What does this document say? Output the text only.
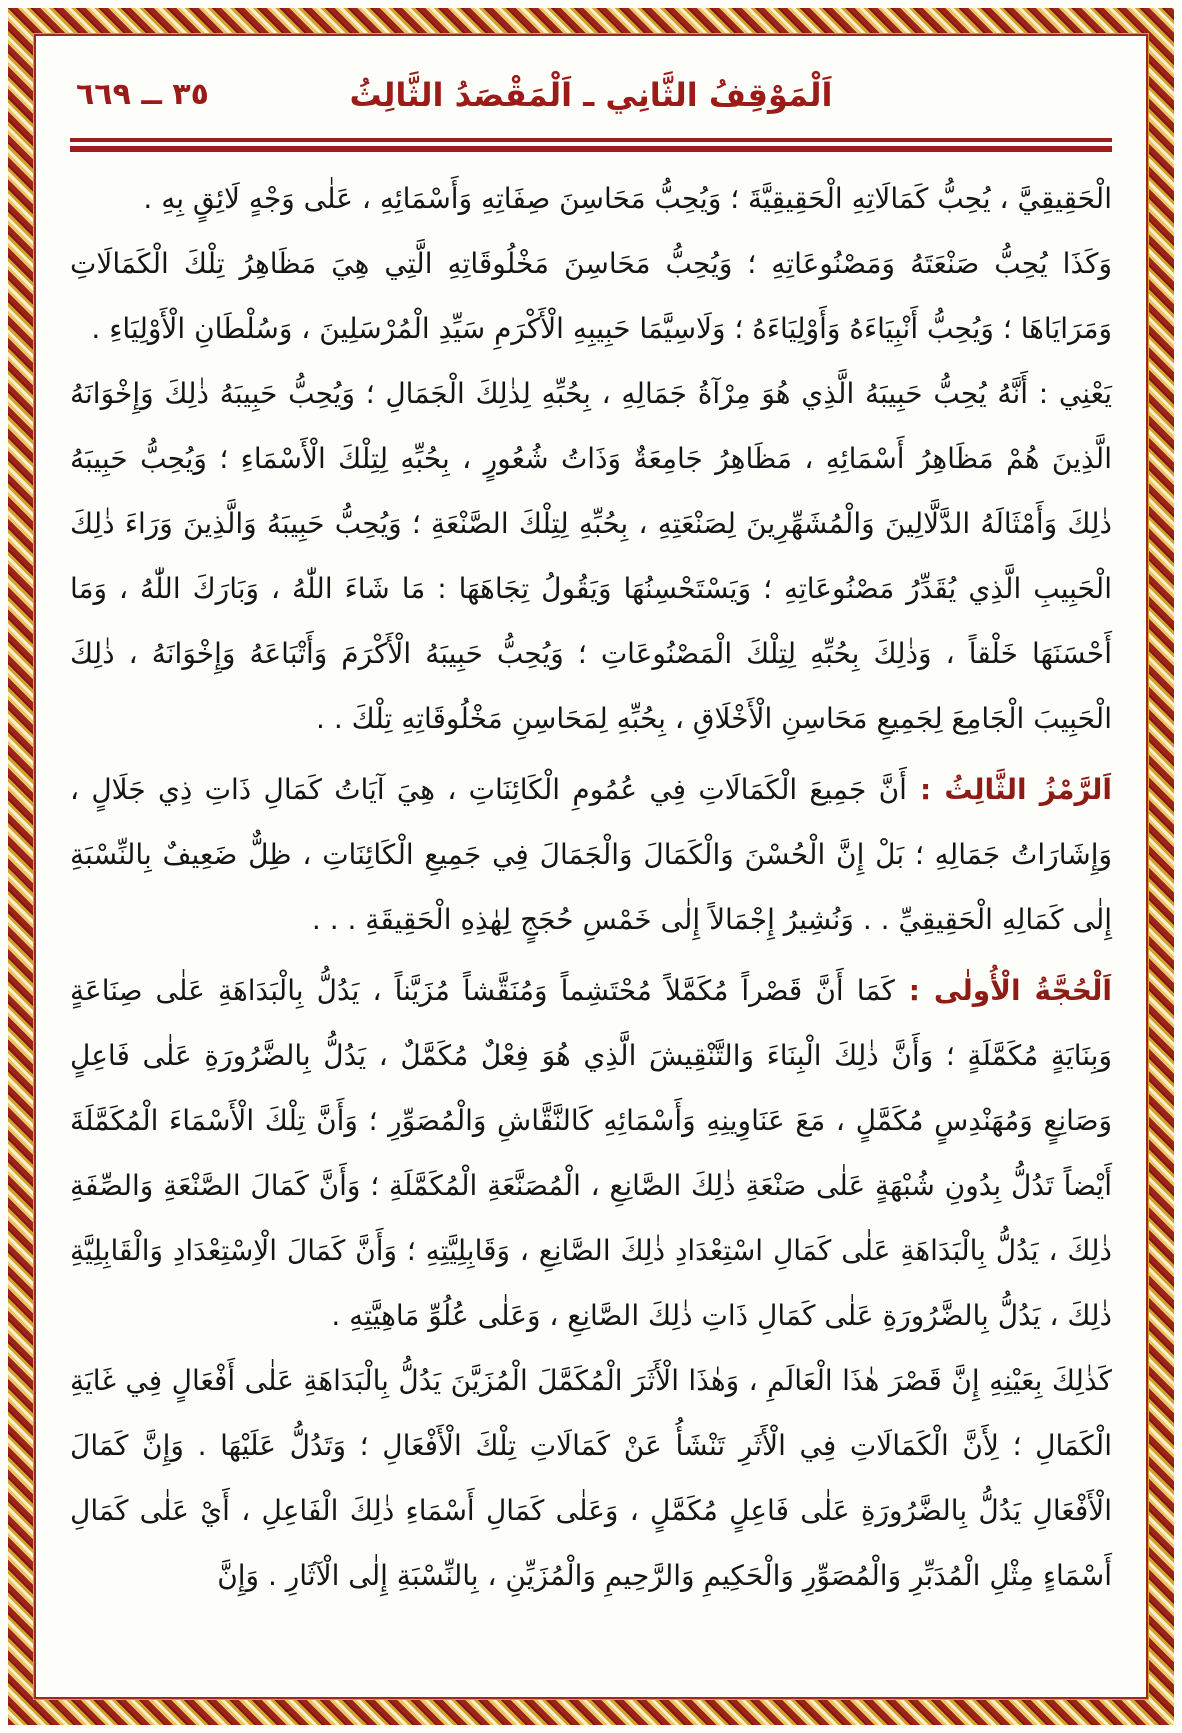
اَلْمَوْقِفُ الثَّانِي ـ اَلْمَقْصَدُ الثَّالِثُ
٣٥ ــ ٦٦٩

الْحَقِيقِيَّ ، يُحِبُّ كَمَالَاتِهِ الْحَقِيقِيَّةَ ؛ وَيُحِبُّ مَحَاسِنَ صِفَاتِهِ وَأَسْمَائِهِ ، عَلٰى وَجْهٍ لَائِقٍ بِهِ .

وَكَذَا يُحِبُّ صَنْعَتَهُ وَمَصْنُوعَاتِهِ ؛ وَيُحِبُّ مَحَاسِنَ مَخْلُوقَاتِهِ الَّتِي هِيَ مَظَاهِرُ تِلْكَ الْكَمَالَاتِ وَمَرَايَاهَا ؛ وَيُحِبُّ أَنْبِيَاءَهُ وَأَوْلِيَاءَهُ ؛ وَلَاسِيَّمَا حَبِيبِهِ الْأَكْرَمِ سَيِّدِ الْمُرْسَلِينَ ، وَسُلْطَانِ الْأَوْلِيَاءِ .

يَعْنِي : أَنَّهُ يُحِبُّ حَبِيبَهُ الَّذِي هُوَ مِرْآةُ جَمَالِهِ ، بِحُبِّهِ لِذٰلِكَ الْجَمَالِ ؛ وَيُحِبُّ حَبِيبَهُ ذٰلِكَ وَإِخْوَانَهُ الَّذِينَ هُمْ مَظَاهِرُ أَسْمَائِهِ ، مَظَاهِرُ جَامِعَةٌ وَذَاتُ شُعُورٍ ، بِحُبِّهِ لِتِلْكَ الْأَسْمَاءِ ؛ وَيُحِبُّ حَبِيبَهُ ذٰلِكَ وَأَمْثَالَهُ الدَّلَّالِينَ وَالْمُشَهِّرِينَ لِصَنْعَتِهِ ، بِحُبِّهِ لِتِلْكَ الصَّنْعَةِ ؛ وَيُحِبُّ حَبِيبَهُ وَالَّذِينَ وَرَاءَ ذٰلِكَ الْحَبِيبِ الَّذِي يُقَدِّرُ مَصْنُوعَاتِهِ ؛ وَيَسْتَحْسِنُهَا وَيَقُولُ تِجَاهَهَا : مَا شَاءَ اللّٰهُ ، وَبَارَكَ اللّٰهُ ، وَمَا أَحْسَنَهَا خَلْقاً ، وَذٰلِكَ بِحُبِّهِ لِتِلْكَ الْمَصْنُوعَاتِ ؛ وَيُحِبُّ حَبِيبَهُ الْأَكْرَمَ وَأَتْبَاعَهُ وَإِخْوَانَهُ ، ذٰلِكَ الْحَبِيبَ الْجَامِعَ لِجَمِيعِ مَحَاسِنِ الْأَخْلَاقِ ، بِحُبِّهِ لِمَحَاسِنِ مَخْلُوقَاتِهِ تِلْكَ . .

اَلرَّمْزُ الثَّالِثُ : أَنَّ جَمِيعَ الْكَمَالَاتِ فِي عُمُومِ الْكَائِنَاتِ ، هِيَ آيَاتُ كَمَالِ ذَاتِ ذِي جَلَالٍ ، وَإِشَارَاتُ جَمَالِهِ ؛ بَلْ إِنَّ الْحُسْنَ وَالْكَمَالَ وَالْجَمَالَ فِي جَمِيعِ الْكَائِنَاتِ ، ظِلٌّ ضَعِيفٌ بِالنِّسْبَةِ إِلٰى كَمَالِهِ الْحَقِيقِيِّ . . وَنُشِيرُ إِجْمَالاً إِلٰى خَمْسِ حُجَجٍ لِهٰذِهِ الْحَقِيقَةِ . . .

اَلْحُجَّةُ الْأُولٰى : كَمَا أَنَّ قَصْراً مُكَمَّلاً مُحْتَشِماً وَمُنَقَّشاً مُزَيَّناً ، يَدُلُّ بِالْبَدَاهَةِ عَلٰى صِنَاعَةٍ وَبِنَايَةٍ مُكَمَّلَةٍ ؛ وَأَنَّ ذٰلِكَ الْبِنَاءَ وَالتَّنْقِيشَ الَّذِي هُوَ فِعْلٌ مُكَمَّلٌ ، يَدُلُّ بِالضَّرُورَةِ عَلٰى فَاعِلٍ وَصَانِعٍ وَمُهَنْدِسٍ مُكَمَّلٍ ، مَعَ عَنَاوِينِهِ وَأَسْمَائِهِ كَالنَّقَّاشِ وَالْمُصَوِّرِ ؛ وَأَنَّ تِلْكَ الْأَسْمَاءَ الْمُكَمَّلَةَ أَيْضاً تَدُلُّ بِدُونِ شُبْهَةٍ عَلٰى صَنْعَةِ ذٰلِكَ الصَّانِعِ ، الْمُصَنَّعَةِ الْمُكَمَّلَةِ ؛ وَأَنَّ كَمَالَ الصَّنْعَةِ وَالصِّفَةِ ذٰلِكَ ، يَدُلُّ بِالْبَدَاهَةِ عَلٰى كَمَالِ اسْتِعْدَادِ ذٰلِكَ الصَّانِعِ ، وَقَابِلِيَّتِهِ ؛ وَأَنَّ كَمَالَ الْاِسْتِعْدَادِ وَالْقَابِلِيَّةِ ذٰلِكَ ، يَدُلُّ بِالضَّرُورَةِ عَلٰى كَمَالِ ذَاتِ ذٰلِكَ الصَّانِعِ ، وَعَلٰى عُلُوِّ مَاهِيَّتِهِ .

كَذٰلِكَ بِعَيْنِهِ إِنَّ قَصْرَ هٰذَا الْعَالَمِ ، وَهٰذَا الْأَثَرَ الْمُكَمَّلَ الْمُزَيَّنَ يَدُلُّ بِالْبَدَاهَةِ عَلٰى أَفْعَالٍ فِي غَايَةِ الْكَمَالِ ؛ لِأَنَّ الْكَمَالَاتِ فِي الْأَثَرِ تَنْشَأُ عَنْ كَمَالَاتِ تِلْكَ الْأَفْعَالِ ؛ وَتَدُلُّ عَلَيْهَا . وَإِنَّ كَمَالَ الْأَفْعَالِ يَدُلُّ بِالضَّرُورَةِ عَلٰى فَاعِلٍ مُكَمَّلٍ ، وَعَلٰى كَمَالِ أَسْمَاءِ ذٰلِكَ الْفَاعِلِ ، أَيْ عَلٰى كَمَالِ أَسْمَاءٍ مِثْلِ الْمُدَبِّرِ وَالْمُصَوِّرِ وَالْحَكِيمِ وَالرَّحِيمِ وَالْمُزَيِّنِ ، بِالنِّسْبَةِ إِلٰى الْآثَارِ . وَإِنَّ
